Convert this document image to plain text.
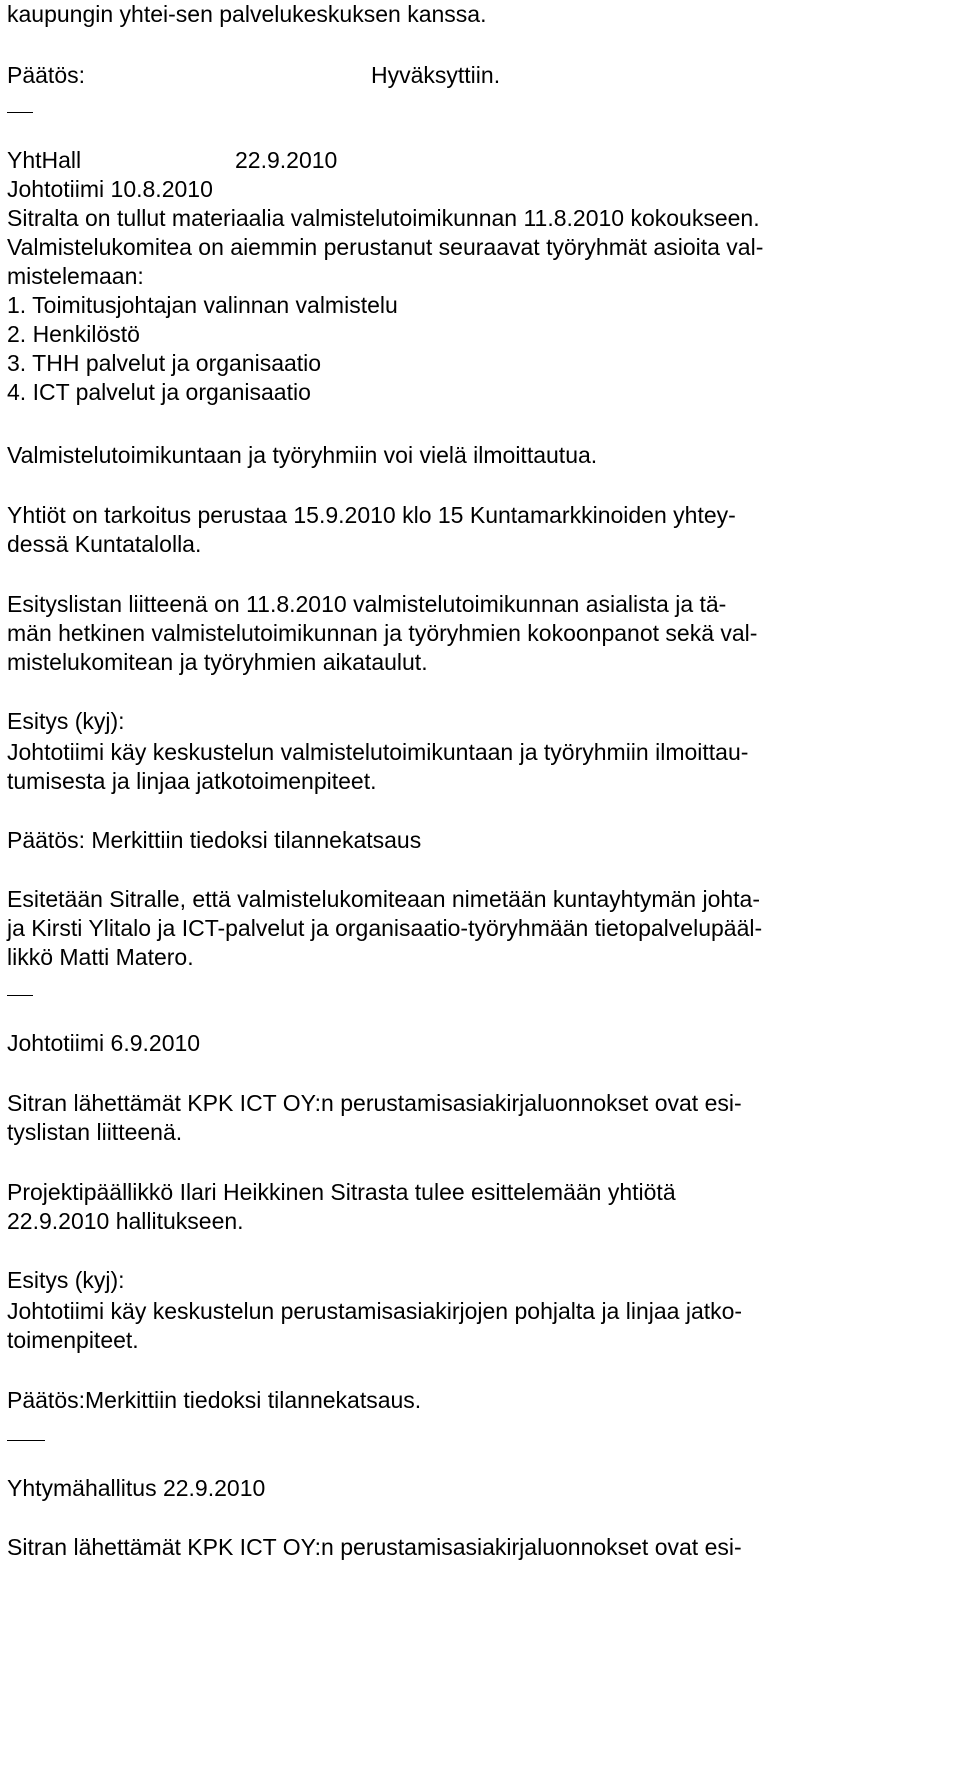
kaupungin yhtei-sen palvelukeskuksen kanssa.
Päätös:	Hyväksyttiin.
YhtHall	22.9.2010
Johtotiimi 10.8.2010
Sitralta on tullut materiaalia valmistelutoimikunnan 11.8.2010 kokoukseen.
Valmistelukomitea on aiemmin perustanut seuraavat työryhmät asioita val-
mistelemaan:
1. Toimitusjohtajan valinnan valmistelu
2. Henkilöstö
3. THH palvelut ja organisaatio
4. ICT palvelut ja organisaatio
Valmistelutoimikuntaan ja työryhmiin voi vielä ilmoittautua.
Yhtiöt on tarkoitus perustaa 15.9.2010 klo 15 Kuntamarkkinoiden yhtey-
dessä Kuntatalolla.
Esityslistan liitteenä on 11.8.2010 valmistelutoimikunnan asialista ja tä-
män hetkinen valmistelutoimikunnan ja työryhmien kokoonpanot sekä val-
mistelukomitean ja työryhmien aikataulut.
Esitys (kyj):
Johtotiimi käy keskustelun valmistelutoimikuntaan ja työryhmiin ilmoittau-
tumisesta ja linjaa jatkotoimenpiteet.
Päätös: Merkittiin tiedoksi tilannekatsaus
Esitetään Sitralle, että valmistelukomiteaan nimetään kuntayhtymän johta-
ja Kirsti Ylitalo ja ICT-palvelut ja organisaatio-työryhmään tietopalvelupääl-
likkö Matti Matero.
Johtotiimi 6.9.2010
Sitran lähettämät KPK ICT OY:n perustamisasiakirjaluonnokset ovat esi-
tyslistan liitteenä.
Projektipäällikkö Ilari Heikkinen Sitrasta tulee esittelemään yhtiötä
22.9.2010 hallitukseen.
Esitys (kyj):
Johtotiimi käy keskustelun perustamisasiakirjojen pohjalta ja linjaa jatko-
toimenpiteet.
Päätös:Merkittiin tiedoksi tilannekatsaus.
Yhtymähallitus 22.9.2010
Sitran lähettämät KPK ICT OY:n perustamisasiakirjaluonnokset ovat esi-
